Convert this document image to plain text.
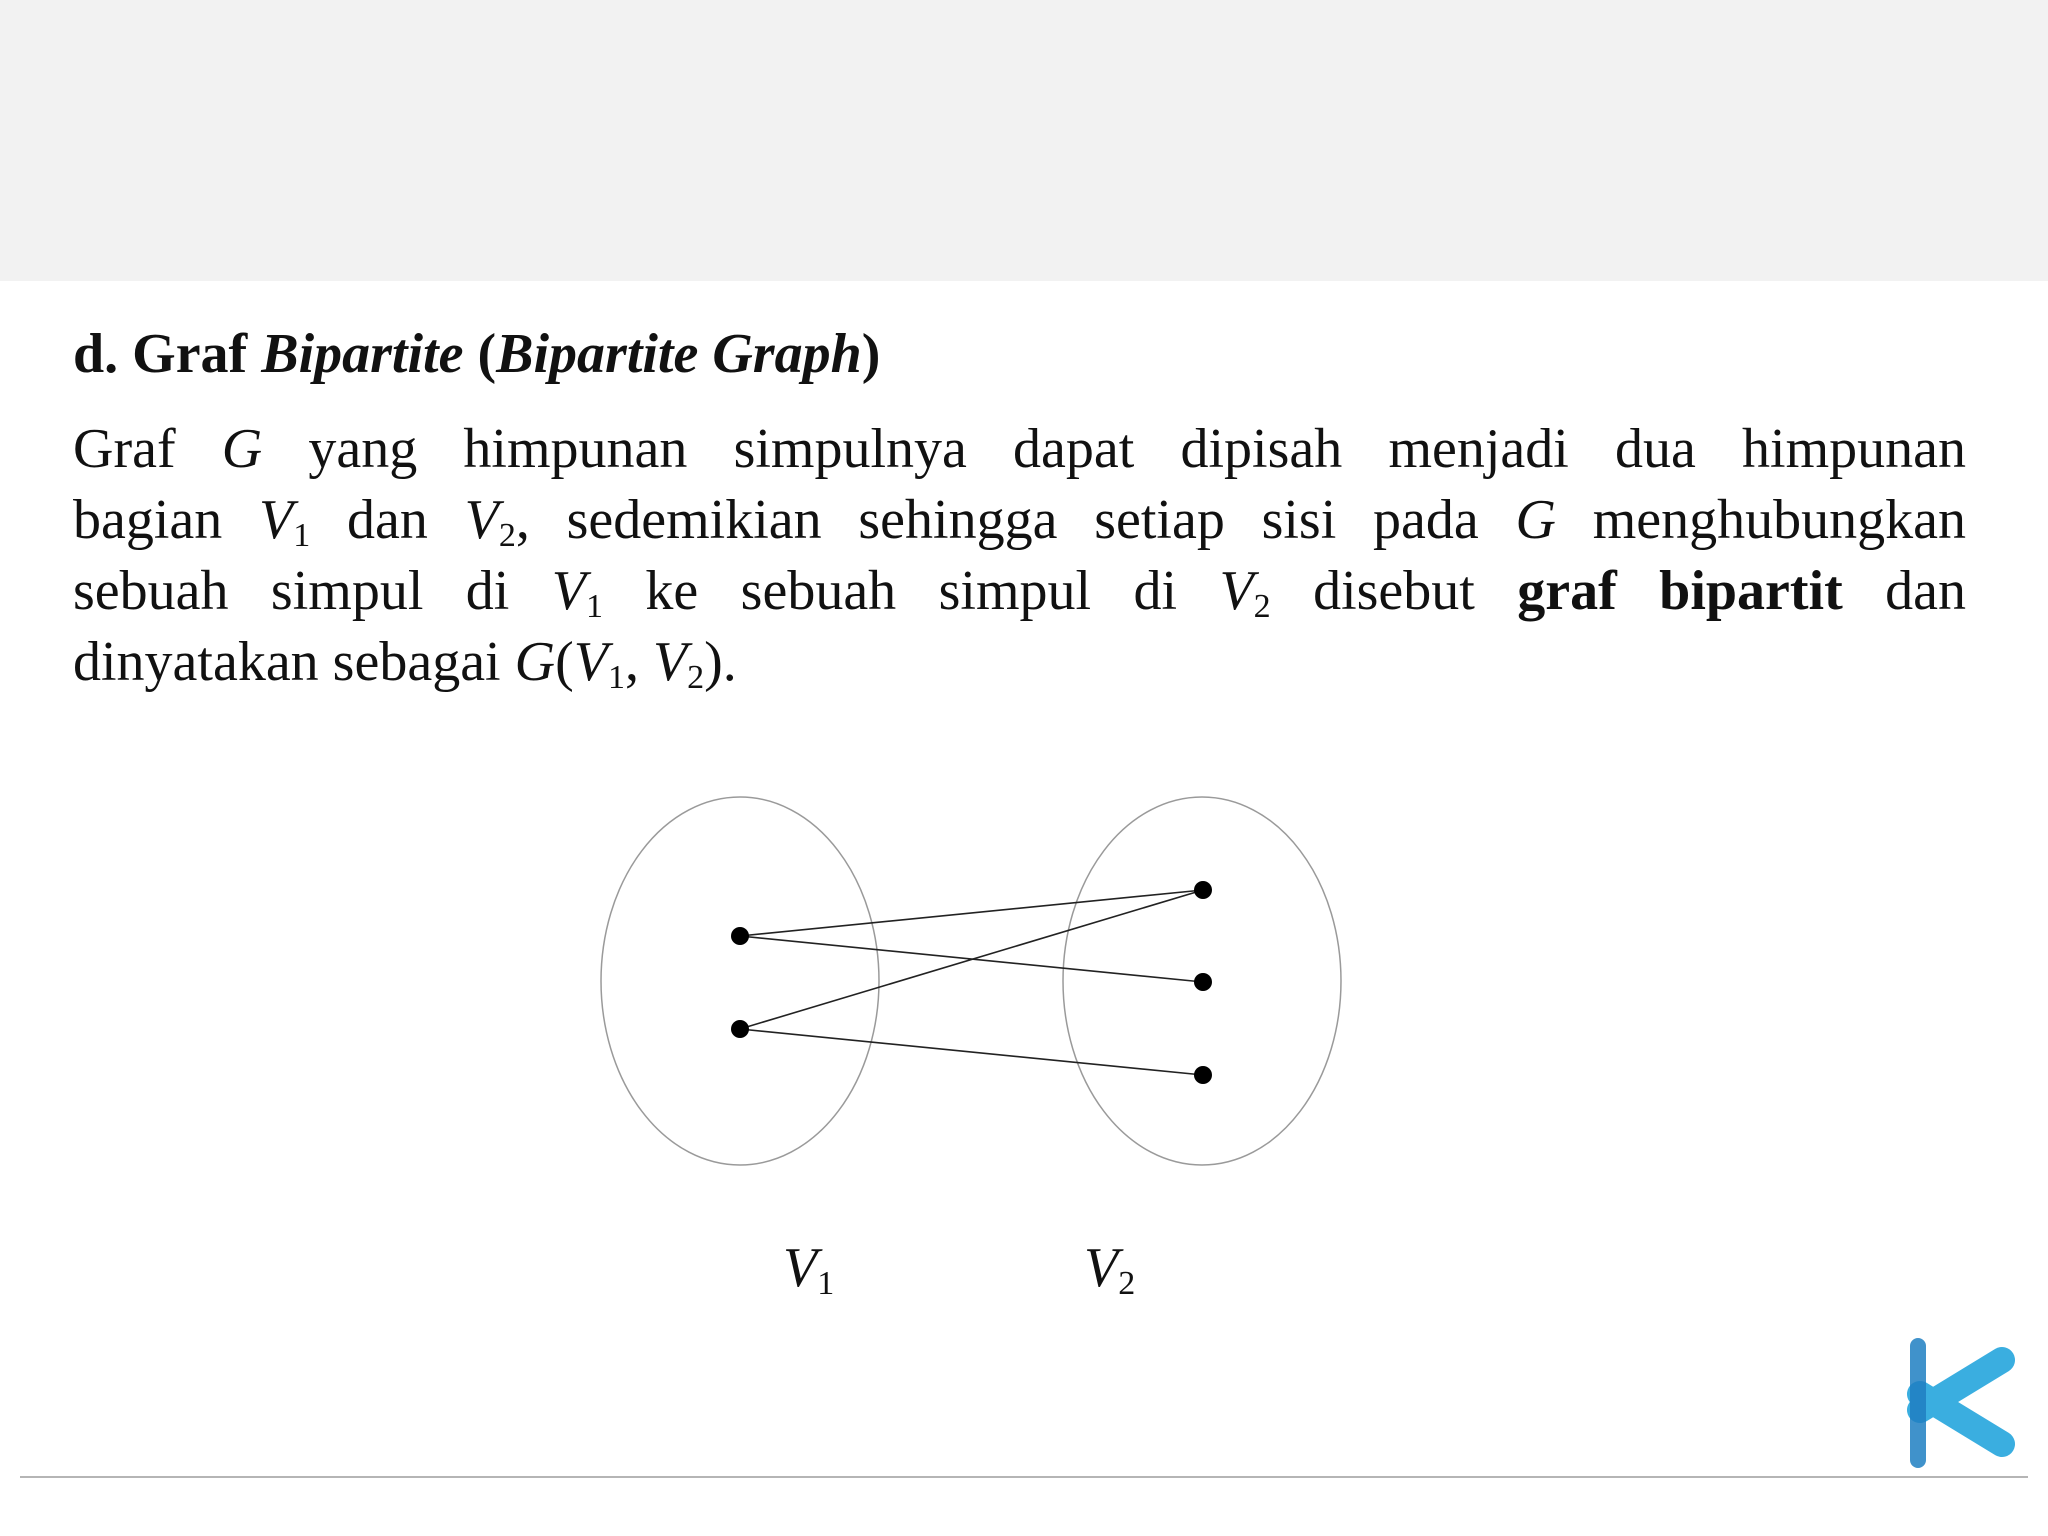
d. Graf Bipartite (Bipartite Graph)
Graf G yang himpunan simpulnya dapat dipisah menjadi dua himpunan
bagian $V_1$ dan $V_2$, sedemikian sehingga setiap sisi pada G menghubungkan
sebuah simpul di $V_1$ ke sebuah simpul di $V_2$ disebut graf bipartit dan
dinyatakan sebagai $G(V_1$, $V_2$).
$V_1$	$V_2$
